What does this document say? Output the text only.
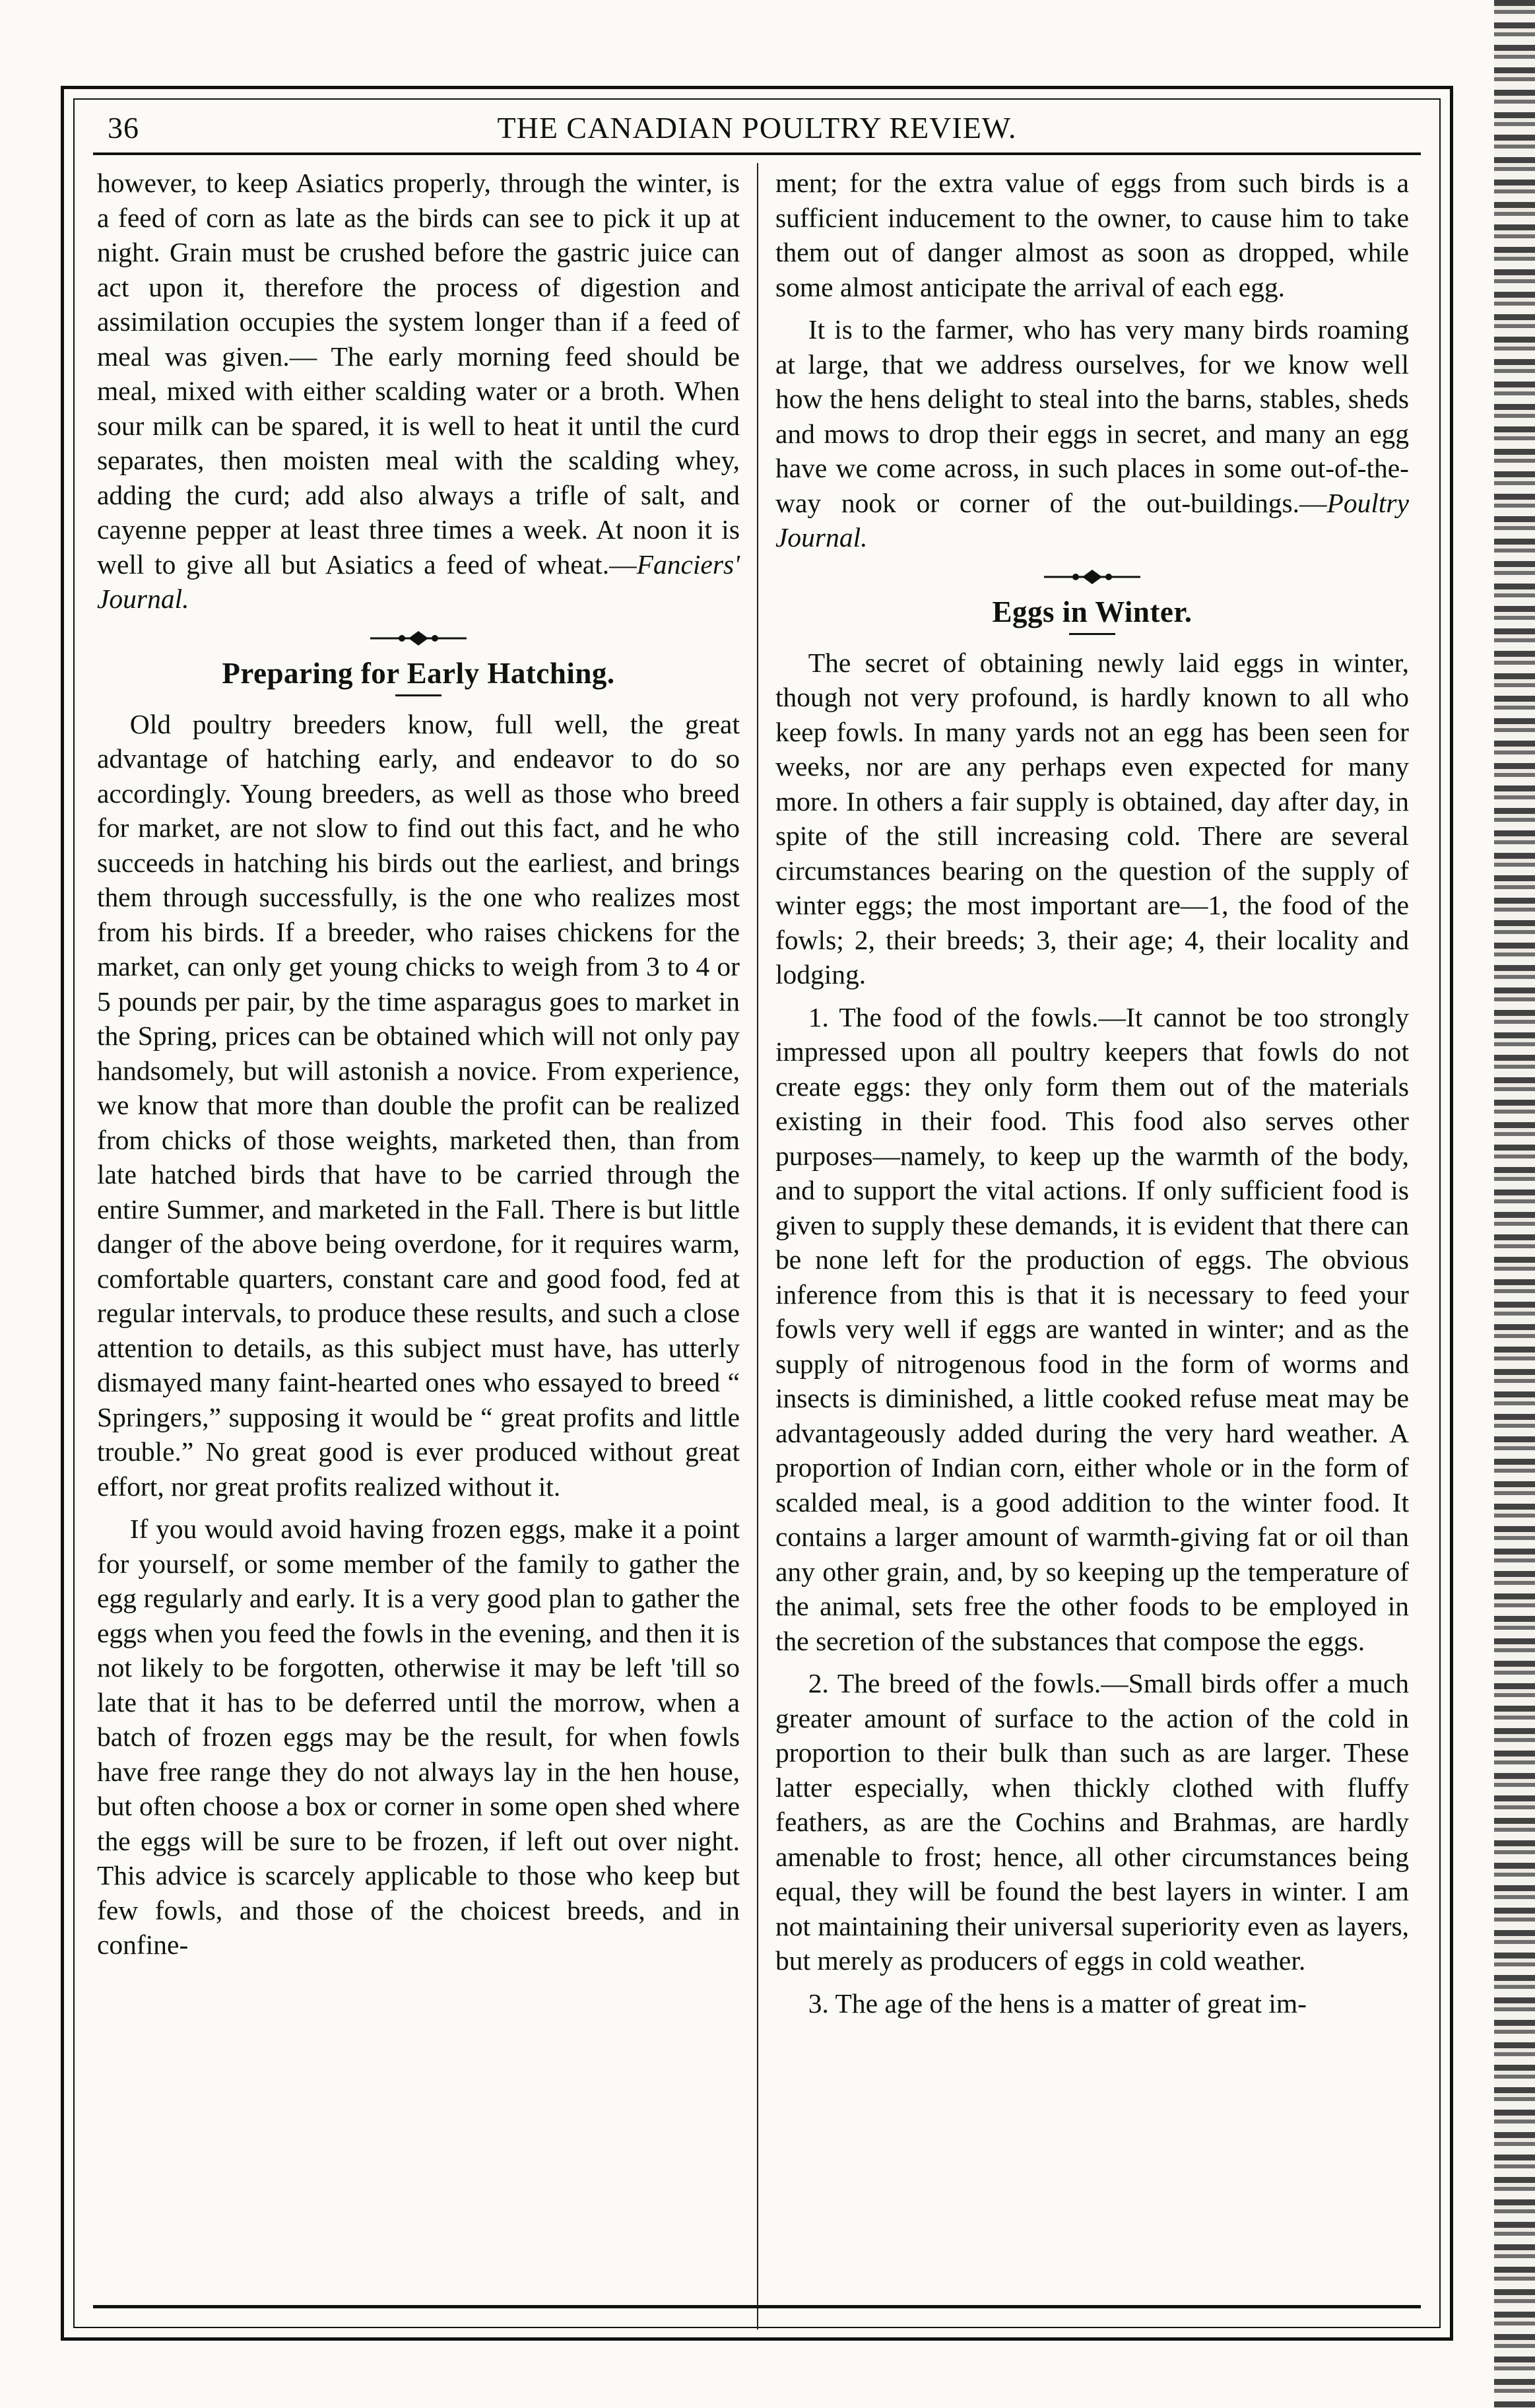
36	THE CANADIAN POULTRY REVIEW.

however, to keep Asiatics properly, through the winter, is a feed of corn as late as the birds can see to pick it up at night. Grain must be crushed before the gastric juice can act upon it, therefore the process of digestion and assimilation occupies the system longer than if a feed of meal was given.— The early morning feed should be meal, mixed with either scalding water or a broth. When sour milk can be spared, it is well to heat it until the curd separates, then moisten meal with the scalding whey, adding the curd; add also always a trifle of salt, and cayenne pepper at least three times a week. At noon it is well to give all but Asiatics a feed of wheat.—Fanciers' Journal.

Preparing for Early Hatching.

Old poultry breeders know, full well, the great advantage of hatching early, and endeavor to do so accordingly. Young breeders, as well as those who breed for market, are not slow to find out this fact, and he who succeeds in hatching his birds out the earliest, and brings them through successfully, is the one who realizes most from his birds. If a breeder, who raises chickens for the market, can only get young chicks to weigh from 3 to 4 or 5 pounds per pair, by the time asparagus goes to market in the Spring, prices can be obtained which will not only pay handsomely, but will astonish a novice. From experience, we know that more than double the profit can be realized from chicks of those weights, marketed then, than from late hatched birds that have to be carried through the entire Summer, and marketed in the Fall. There is but little danger of the above being overdone, for it requires warm, comfortable quarters, constant care and good food, fed at regular intervals, to produce these results, and such a close attention to details, as this subject must have, has utterly dismayed many faint-hearted ones who essayed to breed “ Springers,” supposing it would be “ great profits and little trouble.” No great good is ever produced without great effort, nor great profits realized without it.

If you would avoid having frozen eggs, make it a point for yourself, or some member of the family to gather the egg regularly and early. It is a very good plan to gather the eggs when you feed the fowls in the evening, and then it is not likely to be forgotten, otherwise it may be left 'till so late that it has to be deferred until the morrow, when a batch of frozen eggs may be the result, for when fowls have free range they do not always lay in the hen house, but often choose a box or corner in some open shed where the eggs will be sure to be frozen, if left out over night. This advice is scarcely applicable to those who keep but few fowls, and those of the choicest breeds, and in confine-

ment; for the extra value of eggs from such birds is a sufficient inducement to the owner, to cause him to take them out of danger almost as soon as dropped, while some almost anticipate the arrival of each egg.

It is to the farmer, who has very many birds roaming at large, that we address ourselves, for we know well how the hens delight to steal into the barns, stables, sheds and mows to drop their eggs in secret, and many an egg have we come across, in such places in some out-of-the-way nook or corner of the out-buildings.—Poultry Journal.

Eggs in Winter.

The secret of obtaining newly laid eggs in winter, though not very profound, is hardly known to all who keep fowls. In many yards not an egg has been seen for weeks, nor are any perhaps even expected for many more. In others a fair supply is obtained, day after day, in spite of the still increasing cold. There are several circumstances bearing on the question of the supply of winter eggs; the most important are—1, the food of the fowls; 2, their breeds; 3, their age; 4, their locality and lodging.

1. The food of the fowls.—It cannot be too strongly impressed upon all poultry keepers that fowls do not create eggs: they only form them out of the materials existing in their food. This food also serves other purposes—namely, to keep up the warmth of the body, and to support the vital actions. If only sufficient food is given to supply these demands, it is evident that there can be none left for the production of eggs. The obvious inference from this is that it is necessary to feed your fowls very well if eggs are wanted in winter; and as the supply of nitrogenous food in the form of worms and insects is diminished, a little cooked refuse meat may be advantageously added during the very hard weather. A proportion of Indian corn, either whole or in the form of scalded meal, is a good addition to the winter food. It contains a larger amount of warmth-giving fat or oil than any other grain, and, by so keeping up the temperature of the animal, sets free the other foods to be employed in the secretion of the substances that compose the eggs.

2. The breed of the fowls.—Small birds offer a much greater amount of surface to the action of the cold in proportion to their bulk than such as are larger. These latter especially, when thickly clothed with fluffy feathers, as are the Cochins and Brahmas, are hardly amenable to frost; hence, all other circumstances being equal, they will be found the best layers in winter. I am not maintaining their universal superiority even as layers, but merely as producers of eggs in cold weather.

3. The age of the hens is a matter of great im-
